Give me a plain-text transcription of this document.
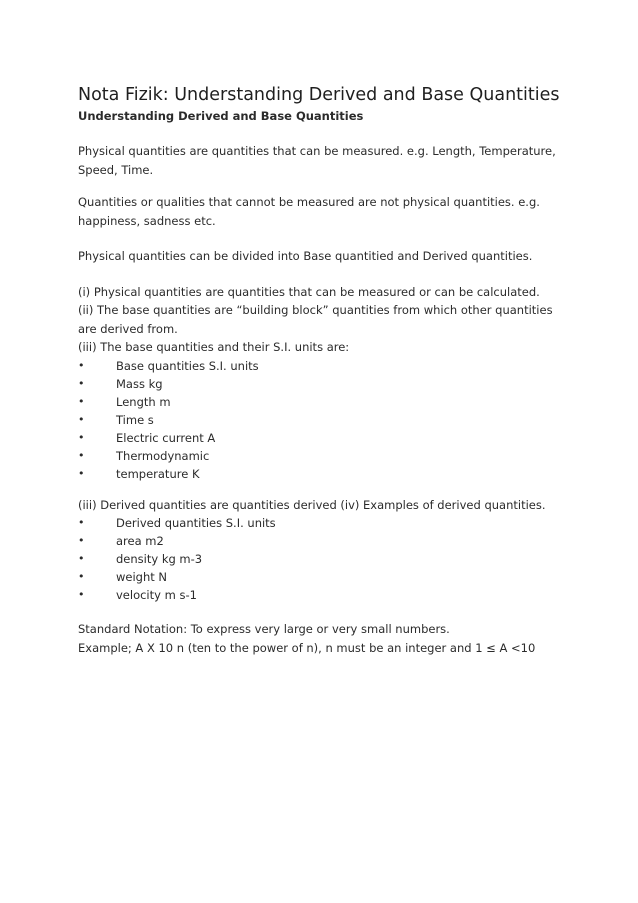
Nota Fizik: Understanding Derived and Base Quantities
Understanding Derived and Base Quantities

Physical quantities are quantities that can be measured. e.g. Length, Temperature, Speed, Time.

Quantities or qualities that cannot be measured are not physical quantities. e.g. happiness, sadness etc.

Physical quantities can be divided into Base quantitied and Derived quantities.

(i) Physical quantities are quantities that can be measured or can be calculated.
(ii) The base quantities are “building block” quantities from which other quantities are derived from.
(iii) The base quantities and their S.I. units are:
•	Base quantities S.I. units
•	Mass kg
•	Length m
•	Time s
•	Electric current A
•	Thermodynamic
•	temperature K

(iii) Derived quantities are quantities derived (iv) Examples of derived quantities.

•	Derived quantities S.I. units
•	area m2
•	density kg m-3
•	weight N
•	velocity m s-1
Standard Notation: To express very large or very small numbers.
Example; A X 10 n (ten to the power of n), n must be an integer and 1 ≤ A <10
